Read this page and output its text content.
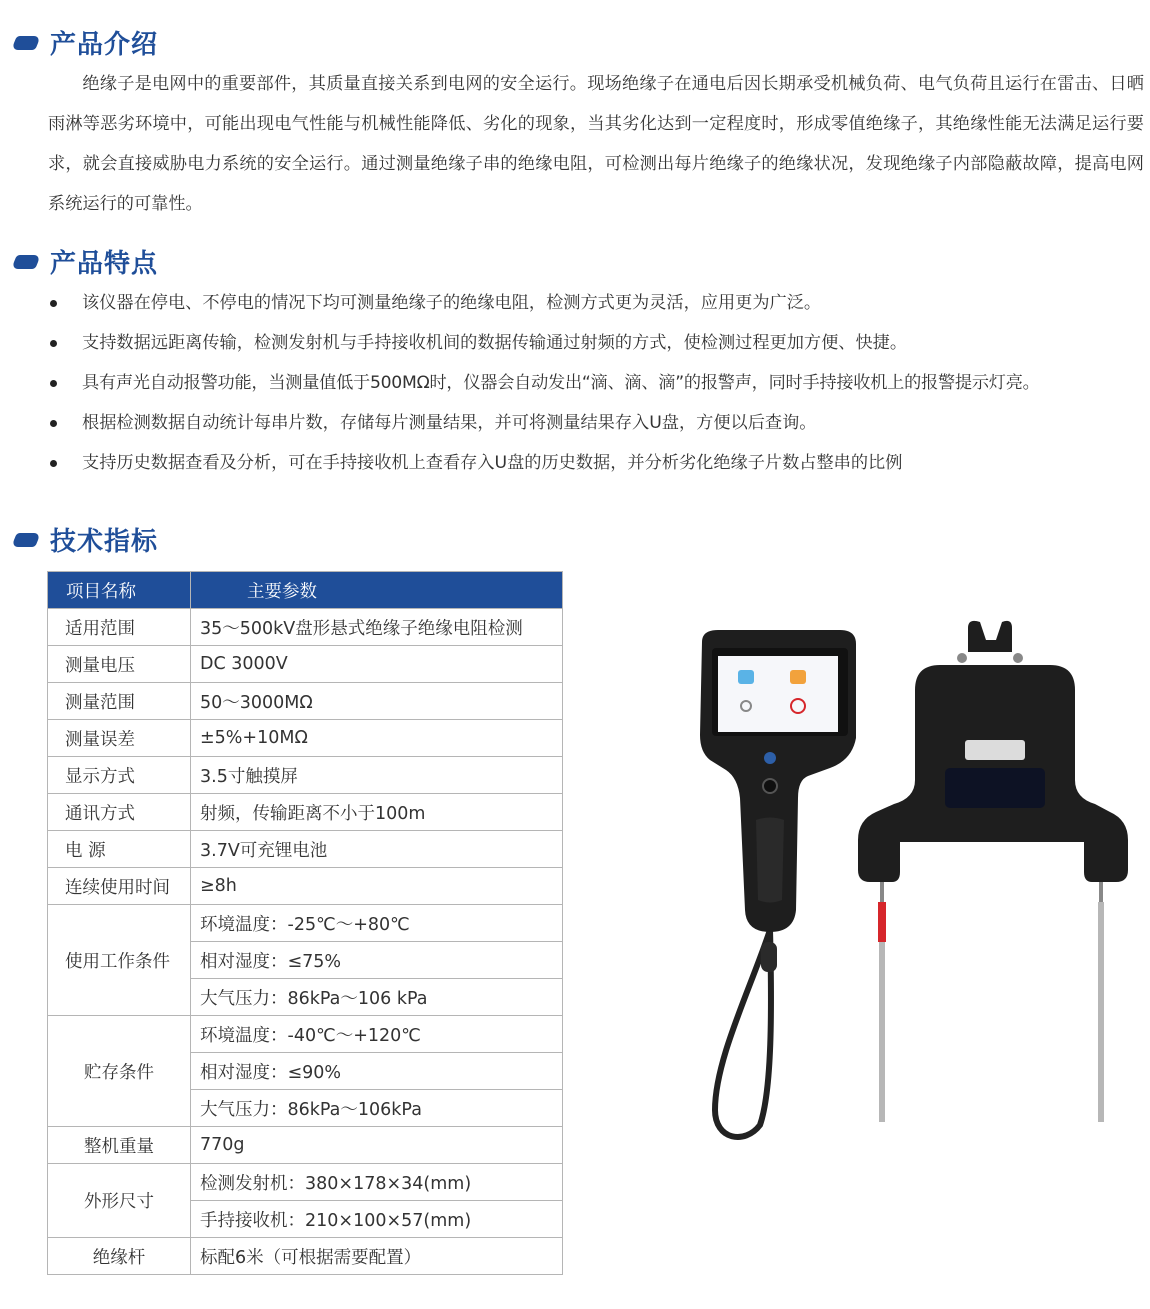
产品介绍

绝缘子是电网中的重要部件，其质量直接关系到电网的安全运行。现场绝缘子在通电后因长期承受机械负荷、电气负荷且运行在雷击、日晒雨淋等恶劣环境中，可能出现电气性能与机械性能降低、劣化的现象，当其劣化达到一定程度时，形成零值绝缘子，其绝缘性能无法满足运行要求，就会直接威胁电力系统的安全运行。通过测量绝缘子串的绝缘电阻，可检测出每片绝缘子的绝缘状况，发现绝缘子内部隐蔽故障，提高电网系统运行的可靠性。

产品特点
该仪器在停电、不停电的情况下均可测量绝缘子的绝缘电阻，检测方式更为灵活，应用更为广泛。
支持数据远距离传输，检测发射机与手持接收机间的数据传输通过射频的方式，使检测过程更加方便、快捷。
具有声光自动报警功能，当测量值低于500MΩ时，仪器会自动发出“滴、滴、滴”的报警声，同时手持接收机上的报警提示灯亮。
根据检测数据自动统计每串片数，存储每片测量结果，并可将测量结果存入U盘，方便以后查询。
支持历史数据查看及分析，可在手持接收机上查看存入U盘的历史数据，并分析劣化绝缘子片数占整串的比例
技术指标
项目名称	主要参数
适用范围	35～500kV盘形悬式绝缘子绝缘电阻检测
测量电压	DC 3000V
测量范围	50～3000MΩ
测量误差	±5%+10MΩ
显示方式	3.5寸触摸屏
通讯方式	射频，传输距离不小于100m
电 源	3.7V可充锂电池
连续使用时间	≥8h
使用工作条件	环境温度：-25℃～+80℃
	相对湿度：≤75%
	大气压力：86kPa～106 kPa
贮存条件	环境温度：-40℃～+120℃
	相对湿度：≤90%
	大气压力：86kPa～106kPa
整机重量	770g
外形尺寸	检测发射机：380×178×34(mm)
	手持接收机：210×100×57(mm)
绝缘杆	标配6米（可根据需要配置）
